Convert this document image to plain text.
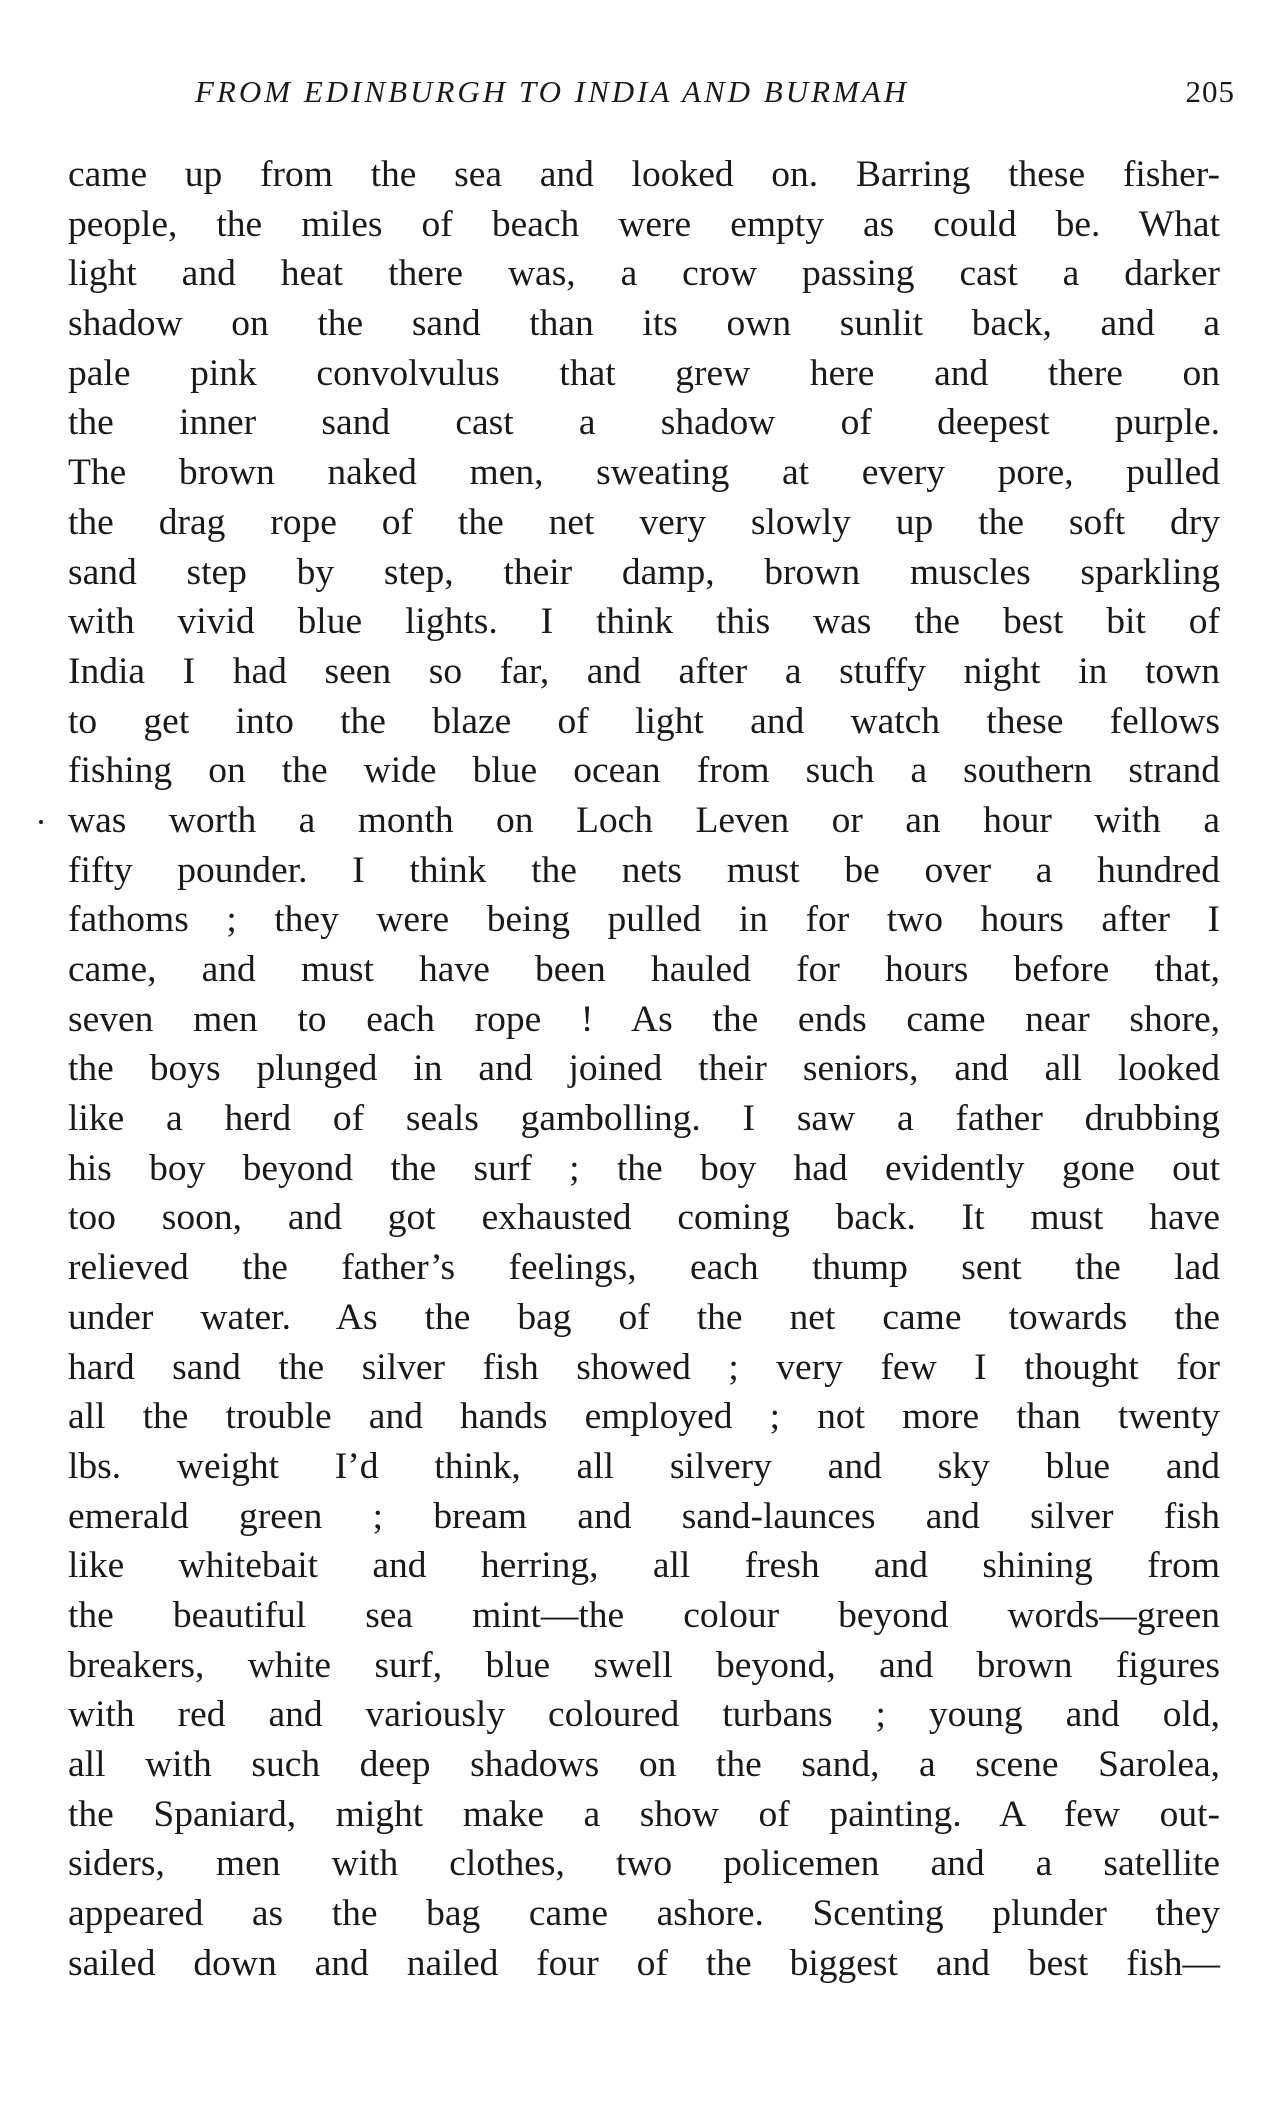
FROM EDINBURGH TO INDIA AND BURMAH	205
came up from the sea and looked on. Barring these fisher-
people, the miles of beach were empty as could be. What
light and heat there was, a crow passing cast a darker
shadow on the sand than its own sunlit back, and a
pale pink convolvulus that grew here and there on
the inner sand cast a shadow of deepest purple.
The brown naked men, sweating at every pore, pulled
the drag rope of the net very slowly up the soft dry
sand step by step, their damp, brown muscles sparkling
with vivid blue lights. I think this was the best bit of
India I had seen so far, and after a stuffy night in town
to get into the blaze of light and watch these fellows
fishing on the wide blue ocean from such a southern strand
was worth a month on Loch Leven or an hour with a
fifty pounder. I think the nets must be over a hundred
fathoms ; they were being pulled in for two hours after I
came, and must have been hauled for hours before that,
seven men to each rope ! As the ends came near shore,
the boys plunged in and joined their seniors, and all looked
like a herd of seals gambolling. I saw a father drubbing
his boy beyond the surf ; the boy had evidently gone out
too soon, and got exhausted coming back. It must have
relieved the father’s feelings, each thump sent the lad
under water. As the bag of the net came towards the
hard sand the silver fish showed ; very few I thought for
all the trouble and hands employed ; not more than twenty
lbs. weight I’d think, all silvery and sky blue and
emerald green ; bream and sand-launces and silver fish
like whitebait and herring, all fresh and shining from
the beautiful sea mint—the colour beyond words—green
breakers, white surf, blue swell beyond, and brown figures
with red and variously coloured turbans ; young and old,
all with such deep shadows on the sand, a scene Sarolea,
the Spaniard, might make a show of painting. A few out-
siders, men with clothes, two policemen and a satellite
appeared as the bag came ashore. Scenting plunder they
sailed down and nailed four of the biggest and best fish—
